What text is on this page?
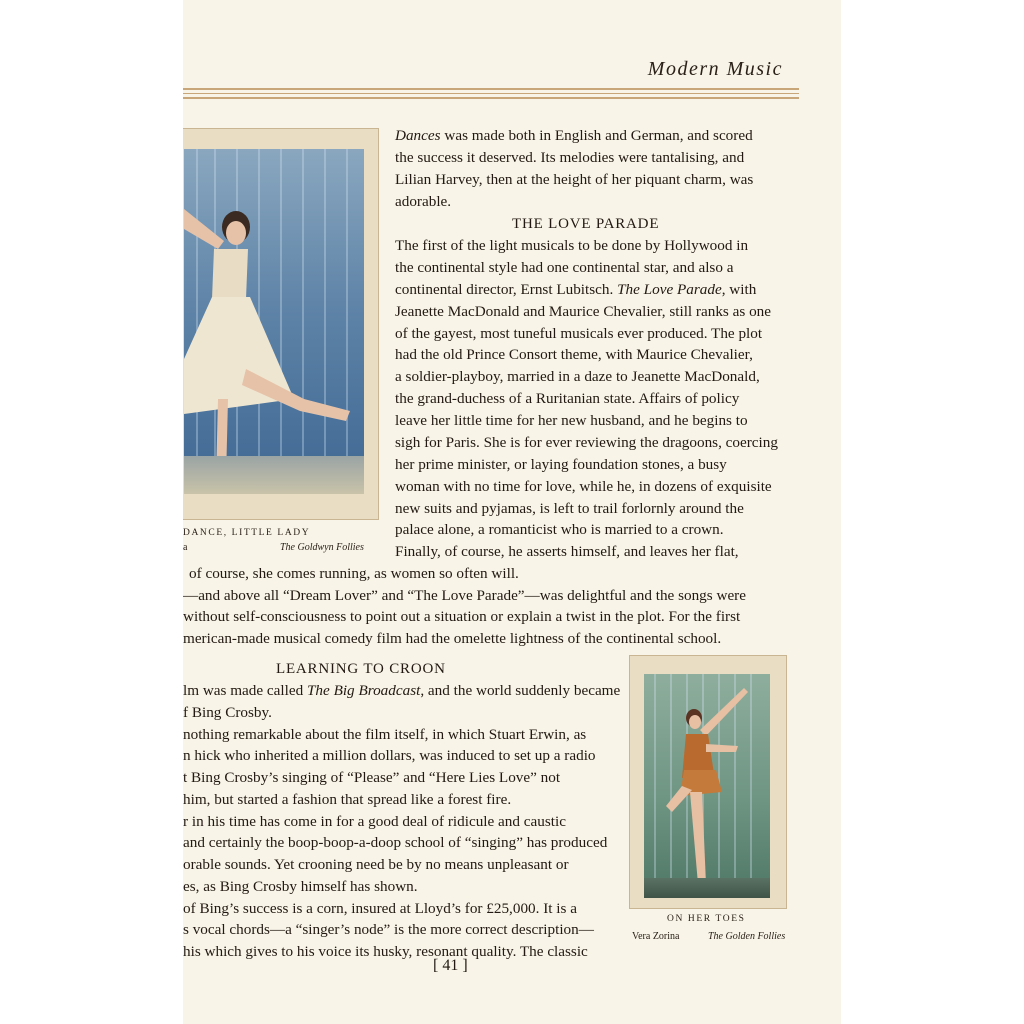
Modern Music
DANCE, LITTLE LADY
a	The Goldwyn Follies
Dances was made both in English and German, and scored
the success it deserved. Its melodies were tantalising, and
Lilian Harvey, then at the height of her piquant charm, was
adorable.
THE LOVE PARADE
The first of the light musicals to be done by Hollywood in
the continental style had one continental star, and also a
continental director, Ernst Lubitsch. The Love Parade, with
Jeanette MacDonald and Maurice Chevalier, still ranks as one
of the gayest, most tuneful musicals ever produced. The plot
had the old Prince Consort theme, with Maurice Chevalier,
a soldier-playboy, married in a daze to Jeanette MacDonald,
the grand-duchess of a Ruritanian state. Affairs of policy
leave her little time for her new husband, and he begins to
sigh for Paris. She is for ever reviewing the dragoons, coercing
her prime minister, or laying foundation stones, a busy
woman with no time for love, while he, in dozens of exquisite
new suits and pyjamas, is left to trail forlornly around the
palace alone, a romanticist who is married to a crown.
Finally, of course, he asserts himself, and leaves her flat,
of course, she comes running, as women so often will.
—and above all “Dream Lover” and “The Love Parade”—was delightful and the songs were
without self-consciousness to point out a situation or explain a twist in the plot. For the first
merican-made musical comedy film had the omelette lightness of the continental school.
LEARNING TO CROON
lm was made called The Big Broadcast, and the world suddenly became
f Bing Crosby.
nothing remarkable about the film itself, in which Stuart Erwin, as
n hick who inherited a million dollars, was induced to set up a radio
t Bing Crosby’s singing of “Please” and “Here Lies Love” not
him, but started a fashion that spread like a forest fire.
r in his time has come in for a good deal of ridicule and caustic
and certainly the boop-boop-a-doop school of “singing” has produced
orable sounds. Yet crooning need be by no means unpleasant or
es, as Bing Crosby himself has shown.
of Bing’s success is a corn, insured at Lloyd’s for £25,000. It is a
s vocal chords—a “singer’s node” is the more correct description—
his which gives to his voice its husky, resonant quality. The classic
ON HER TOES
Vera Zorina	The Golden Follies
[ 41 ]
